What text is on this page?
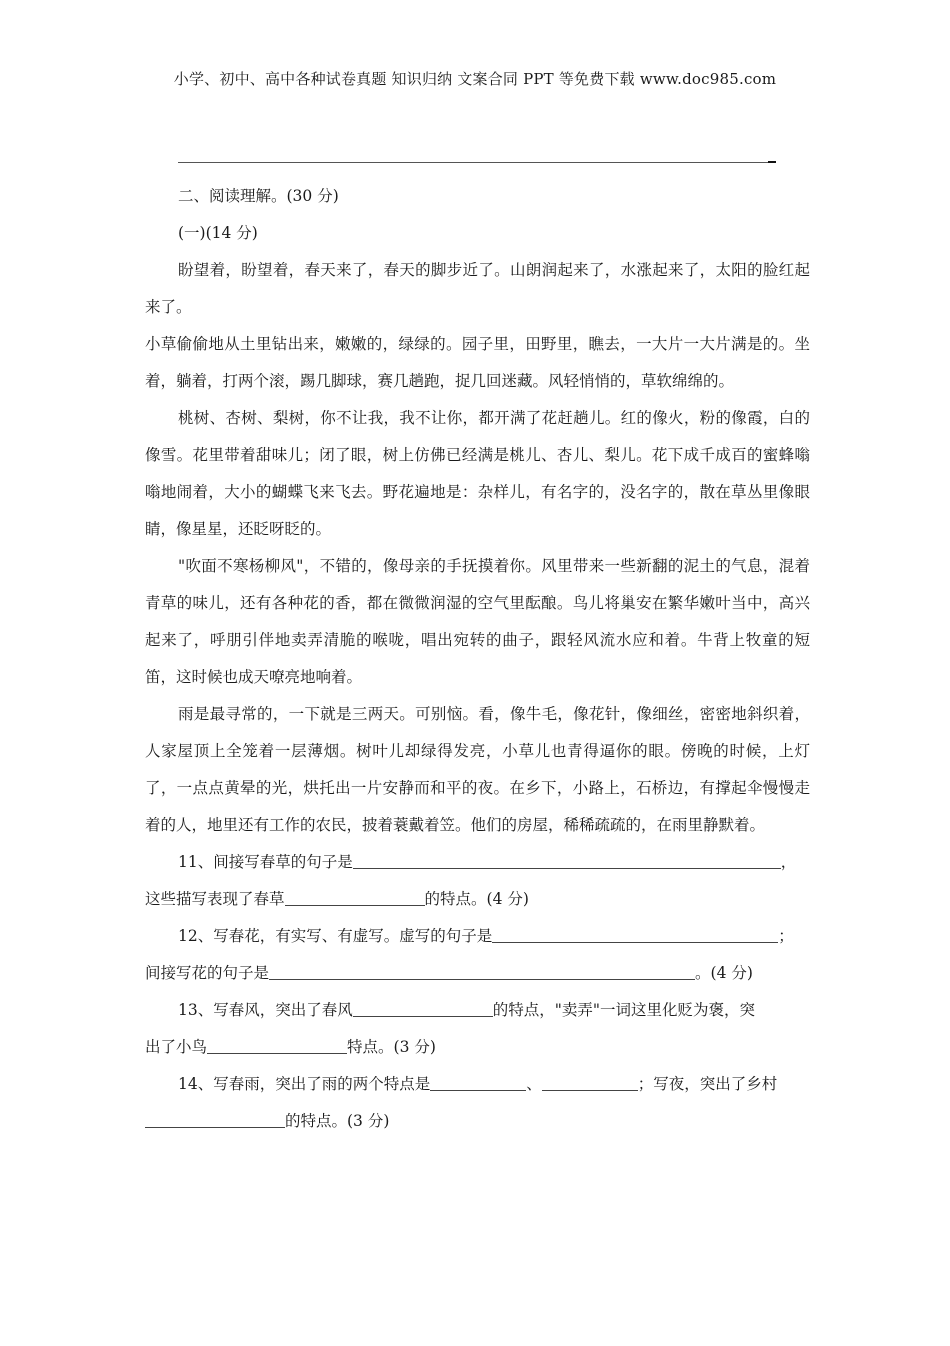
小学、初中、高中各种试卷真题 知识归纳 文案合同 PPT 等免费下载 www.doc985.com

二、阅读理解。(30 分)

(一)(14 分)

盼望着，盼望着，春天来了，春天的脚步近了。山朗润起来了，水涨起来了，太阳的脸红起来了。

小草偷偷地从土里钻出来，嫩嫩的，绿绿的。园子里，田野里，瞧去，一大片一大片满是的。坐着，躺着，打两个滚，踢几脚球，赛几趟跑，捉几回迷藏。风轻悄悄的，草软绵绵的。

桃树、杏树、梨树，你不让我，我不让你，都开满了花赶趟儿。红的像火，粉的像霞，白的像雪。花里带着甜味儿；闭了眼，树上仿佛已经满是桃儿、杏儿、梨儿。花下成千成百的蜜蜂嗡嗡地闹着，大小的蝴蝶飞来飞去。野花遍地是：杂样儿，有名字的，没名字的，散在草丛里像眼睛，像星星，还眨呀眨的。

"吹面不寒杨柳风"，不错的，像母亲的手抚摸着你。风里带来一些新翻的泥土的气息，混着青草的味儿，还有各种花的香，都在微微润湿的空气里酝酿。鸟儿将巢安在繁华嫩叶当中，高兴起来了，呼朋引伴地卖弄清脆的喉咙，唱出宛转的曲子，跟轻风流水应和着。牛背上牧童的短笛，这时候也成天嘹亮地响着。

雨是最寻常的，一下就是三两天。可别恼。看，像牛毛，像花针，像细丝，密密地斜织着，人家屋顶上全笼着一层薄烟。树叶儿却绿得发亮，小草儿也青得逼你的眼。傍晚的时候，上灯了，一点点黄晕的光，烘托出一片安静而和平的夜。在乡下，小路上，石桥边，有撑起伞慢慢走着的人，地里还有工作的农民，披着蓑戴着笠。他们的房屋，稀稀疏疏的，在雨里静默着。

11、间接写春草的句子是	，
这些描写表现了春草	的特点。(4 分)

12、写春花，有实写、有虚写。虚写的句子是	；
间接写花的句子是	。(4 分)

13、写春风，突出了春风	的特点，"卖弄"一词这里化贬为褒，突
出了小鸟	特点。(3 分)

14、写春雨，突出了雨的两个特点是	、	；写夜，突出了乡村
的特点。(3 分)
